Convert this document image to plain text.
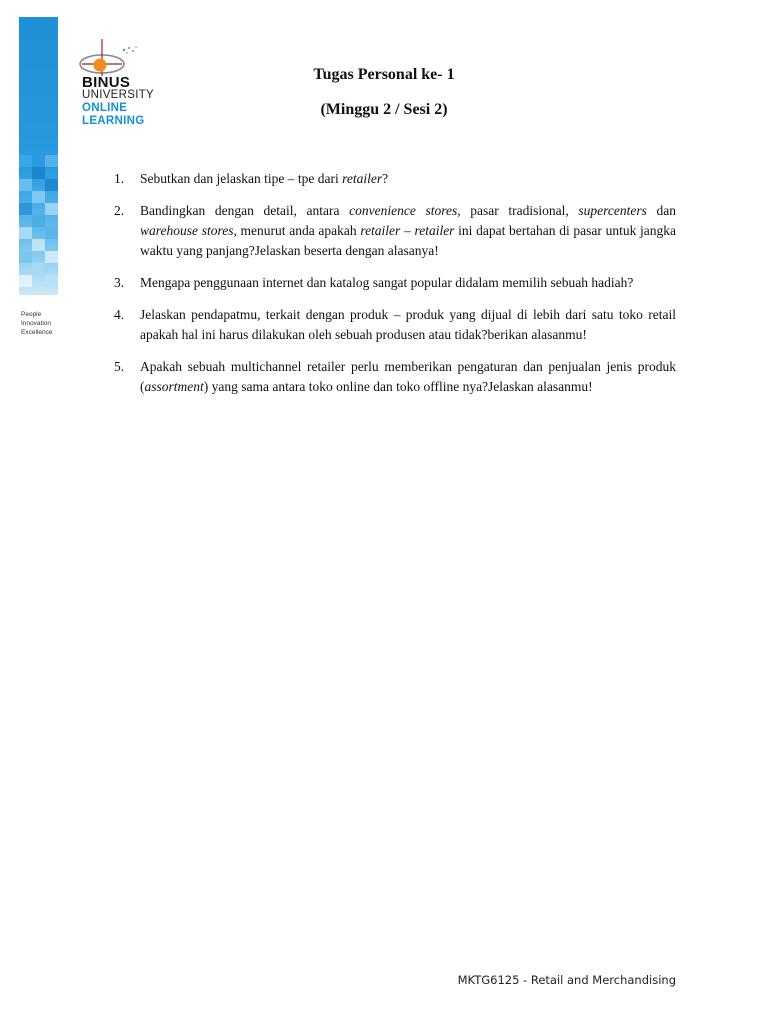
People
Innovation
Excellence
BINUS
UNIVERSITY
ONLINE
LEARNING
Tugas Personal ke- 1
(Minggu 2 / Sesi 2)
1. Sebutkan dan jelaskan tipe – tpe dari retailer?
2. Bandingkan dengan detail, antara convenience stores, pasar tradisional, supercenters dan warehouse stores, menurut anda apakah retailer – retailer ini dapat bertahan di pasar untuk jangka waktu yang panjang?Jelaskan beserta dengan alasanya!
3. Mengapa penggunaan internet dan katalog sangat popular didalam memilih sebuah hadiah?
4. Jelaskan pendapatmu, terkait dengan produk – produk yang dijual di lebih dari satu toko retail apakah hal ini harus dilakukan oleh sebuah produsen atau tidak?berikan alasanmu!
5. Apakah sebuah multichannel retailer perlu memberikan pengaturan dan penjualan jenis produk (assortment) yang sama antara toko online dan toko offline nya?Jelaskan alasanmu!
MKTG6125 - Retail and Merchandising
